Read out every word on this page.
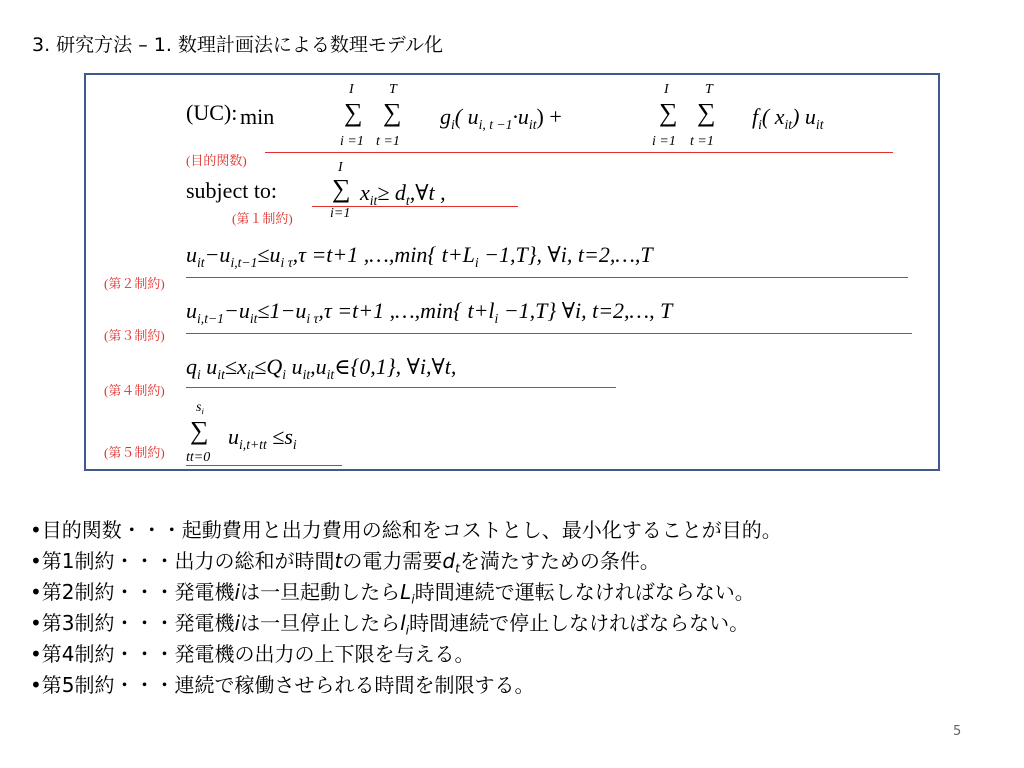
3. 研究方法 – 1. 数理計画法による数理モデル化
(UC): min
I
∑
i =1
T
∑
t =1
$g_i$( $u_{i, t -1}\cdot u_{it}$) +
I
∑
i =1
T
∑
t =1
$f_i$( $x_{it}$) $u_{it}$
(目的関数)
subject to:
I
∑
i=1
$x_{it}\ge$ $d_t,\forall t$ ,
(第１制約)
$u_{it}-u_{i,t-1}\le u_{i \tau},\tau =t+1$ ,…,min{ $t+L_i -1,T$}, ∀i, t=2,…,T
(第２制約)
$u_{i,t-1}-u_{it}\le 1-u_{i \tau},\tau =t+1$ ,…,min{ $t+l_i -1,T$} ∀i, t=2,…, T
(第３制約)
$q_i$ $u_{it}\le x_{it}\le Q_i$ $u_{it},u_{it}\in\{0,1\}$, ∀i,∀t,
(第４制約)
$s_i$
∑
tt=0
$u_{i,t+tt} \le s_i$
(第５制約)
•目的関数・・・起動費用と出力費用の総和をコストとし、最小化することが目的。
•第1制約・・・出力の総和が時間tの電力需要$d_t$を満たすための条件。
•第2制約・・・発電機iは一旦起動したら$L_i$時間連続で運転しなければならない。
•第3制約・・・発電機iは一旦停止したら$l_i$時間連続で停止しなければならない。
•第4制約・・・発電機の出力の上下限を与える。
•第5制約・・・連続で稼働させられる時間を制限する。
5
